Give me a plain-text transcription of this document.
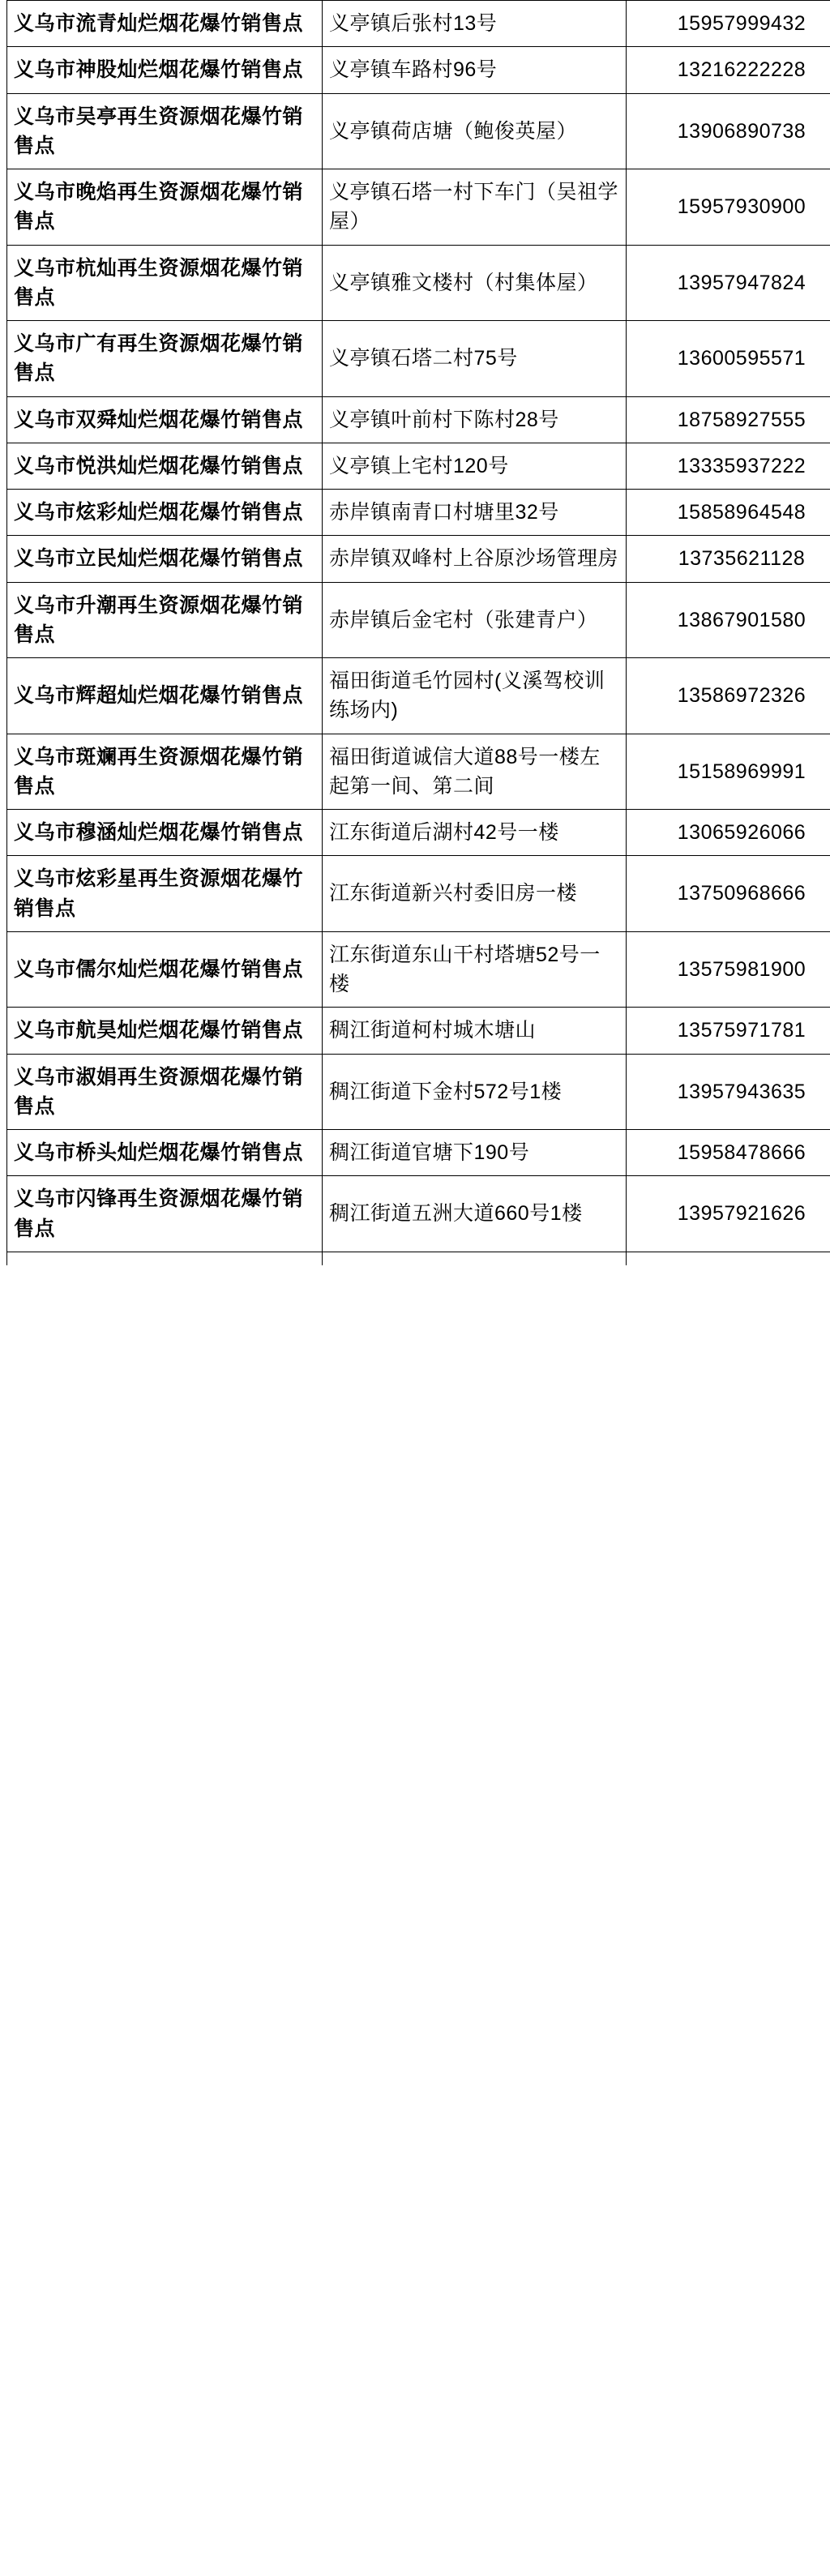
义乌市流青灿烂烟花爆竹销售点	义亭镇后张村13号	15957999432
义乌市神股灿烂烟花爆竹销售点	义亭镇车路村96号	13216222228
义乌市吴亭再生资源烟花爆竹销售点	义亭镇荷店塘（鲍俊英屋）	13906890738
义乌市晚焰再生资源烟花爆竹销售点	义亭镇石塔一村下车门（吴祖学屋）	15957930900
义乌市杭灿再生资源烟花爆竹销售点	义亭镇雅文楼村（村集体屋）	13957947824
义乌市广有再生资源烟花爆竹销售点	义亭镇石塔二村75号	13600595571
义乌市双舜灿烂烟花爆竹销售点	义亭镇叶前村下陈村28号	18758927555
义乌市悦洪灿烂烟花爆竹销售点	义亭镇上宅村120号	13335937222
义乌市炫彩灿烂烟花爆竹销售点	赤岸镇南青口村塘里32号	15858964548
义乌市立民灿烂烟花爆竹销售点	赤岸镇双峰村上谷原沙场管理房	13735621128
义乌市升潮再生资源烟花爆竹销售点	赤岸镇后金宅村（张建青户）	13867901580
义乌市辉超灿烂烟花爆竹销售点	福田街道毛竹园村(义溪驾校训练场内)	13586972326
义乌市斑斓再生资源烟花爆竹销售点	福田街道诚信大道88号一楼左起第一间、第二间	15158969991
义乌市穆涵灿烂烟花爆竹销售点	江东街道后湖村42号一楼	13065926066
义乌市炫彩星再生资源烟花爆竹销售点	江东街道新兴村委旧房一楼	13750968666
义乌市儒尔灿烂烟花爆竹销售点	江东街道东山干村塔塘52号一楼	13575981900
义乌市航昊灿烂烟花爆竹销售点	稠江街道柯村城木塘山	13575971781
义乌市淑娟再生资源烟花爆竹销售点	稠江街道下金村572号1楼	13957943635
义乌市桥头灿烂烟花爆竹销售点	稠江街道官塘下190号	15958478666
义乌市闪锋再生资源烟花爆竹销售点	稠江街道五洲大道660号1楼	13957921626
